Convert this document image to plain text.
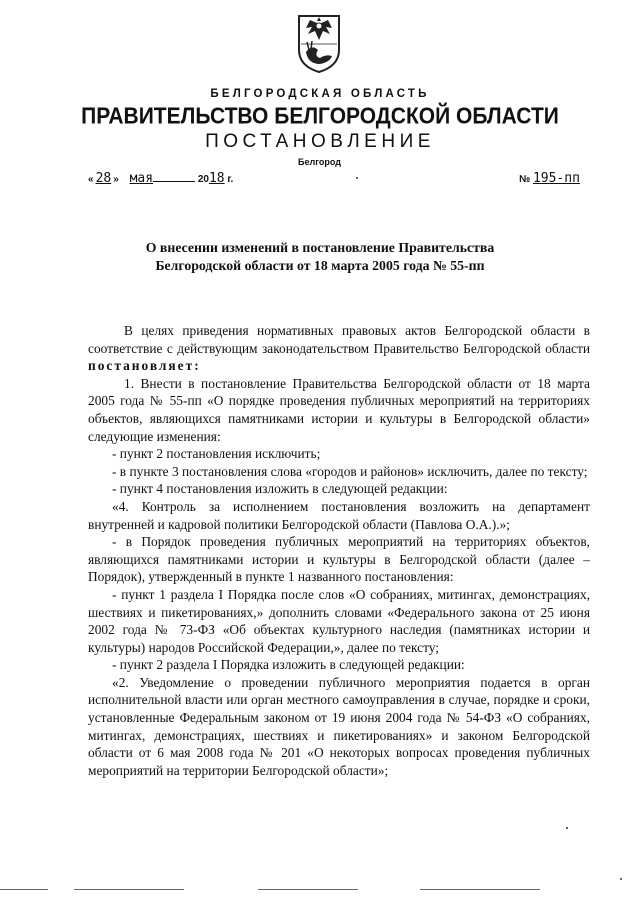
БЕЛГОРОДСКАЯ ОБЛАСТЬ
ПРАВИТЕЛЬСТВО БЕЛГОРОДСКОЙ ОБЛАСТИ
ПОСТАНОВЛЕНИЕ
Белгород
« 28 » мая	2018 г.	№ 195-пп
О внесении изменений в постановление Правительства
Белгородской области от 18 марта 2005 года № 55-пп

В целях приведения нормативных правовых актов Белгородской области в соответствие с действующим законодательством Правительство Белгородской области постановляет:

1. Внести в постановление Правительства Белгородской области от 18 марта 2005 года № 55-пп «О порядке проведения публичных мероприятий на территориях объектов, являющихся памятниками истории и культуры в Белгородской области» следующие изменения:

- пункт 2 постановления исключить;

- в пункте 3 постановления слова «городов и районов» исключить, далее по тексту;

- пункт 4 постановления изложить в следующей редакции:

«4. Контроль за исполнением постановления возложить на департамент внутренней и кадровой политики Белгородской области (Павлова О.А.).»;

- в Порядок проведения публичных мероприятий на территориях объектов, являющихся памятниками истории и культуры в Белгородской области (далее – Порядок), утвержденный в пункте 1 названного постановления:

- пункт 1 раздела I Порядка после слов «О собраниях, митингах, демонстрациях, шествиях и пикетированиях,» дополнить словами «Федерального закона от 25 июня 2002 года № 73-ФЗ «Об объектах культурного наследия (памятниках истории и культуры) народов Российской Федерации,», далее по тексту;

- пункт 2 раздела I Порядка изложить в следующей редакции:

«2. Уведомление о проведении публичного мероприятия подается в орган исполнительной власти или орган местного самоуправления в случае, порядке и сроки, установленные Федеральным законом от 19 июня 2004 года № 54-ФЗ «О собраниях, митингах, демонстрациях, шествиях и пикетированиях» и законом Белгородской области от 6 мая 2008 года № 201 «О некоторых вопросах проведения публичных мероприятий на территории Белгородской области»;
